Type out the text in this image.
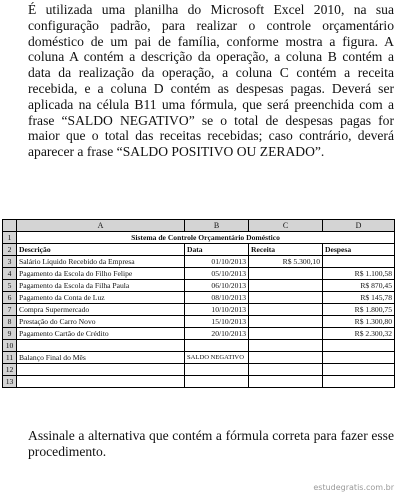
É utilizada uma planilha do Microsoft Excel 2010, na sua configuração padrão, para realizar o controle orçamentário doméstico de um pai de família, conforme mostra a figura. A coluna A contém a descrição da operação, a coluna B contém a data da realização da operação, a coluna C contém a receita recebida, e a coluna D contém as despesas pagas. Deverá ser aplicada na célula B11 uma fórmula, que será preenchida com a frase “SALDO NEGATIVO” se o total de despesas pagas for maior que o total das receitas recebidas; caso contrário, deverá aparecer a frase “SALDO POSITIVO OU ZERADO”.

	A	B	C	D
1	Sistema de Controle Orçamentário Doméstico			
2	Descrição	Data	Receita	Despesa
3	Salário Líquido Recebido da Empresa	01/10/2013	R$ 5.300,10	
4	Pagamento da Escola do Filho Felipe	05/10/2013		R$ 1.100,58
5	Pagamento da Escola da Filha Paula	06/10/2013		R$ 870,45
6	Pagamento da Conta de Luz	08/10/2013		R$ 145,78
7	Compra Supermercado	10/10/2013		R$ 1.800,75
8	Prestação do Carro Novo	15/10/2013		R$ 1.300,80
9	Pagamento Cartão de Crédito	20/10/2013		R$ 2.300,32
10				
11	Balanço Final do Mês	SALDO NEGATIVO		
12				
13				

Assinale a alternativa que contém a fórmula correta para fazer esse procedimento.

estudegratis.com.br
